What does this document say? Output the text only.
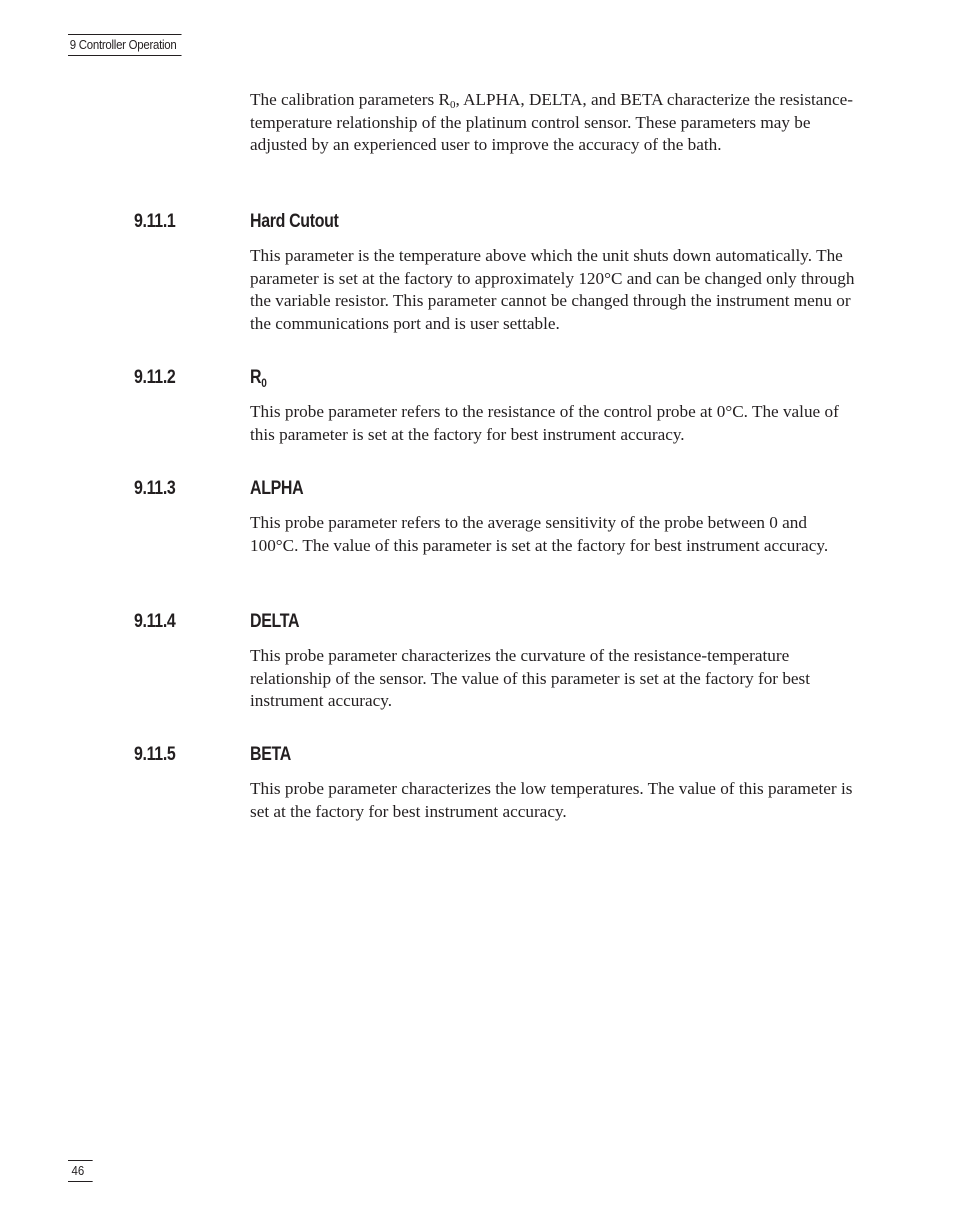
9 Controller Operation

The calibration parameters $R_0$, ALPHA, DELTA, and BETA characterize the resistance-temperature relationship of the platinum control sensor. These parameters may be adjusted by an experienced user to improve the accuracy of the bath.

9.11.1	Hard Cutout

This parameter is the temperature above which the unit shuts down automatically. The parameter is set at the factory to approximately 120°C and can be changed only through the variable resistor. This parameter cannot be changed through the instrument menu or the communications port and is user settable.

9.11.2	$R_0$

This probe parameter refers to the resistance of the control probe at 0°C. The value of this parameter is set at the factory for best instrument accuracy.

9.11.3	ALPHA

This probe parameter refers to the average sensitivity of the probe between 0 and 100°C. The value of this parameter is set at the factory for best instrument accuracy.

9.11.4	DELTA

This probe parameter characterizes the curvature of the resistance-temperature relationship of the sensor. The value of this parameter is set at the factory for best instrument accuracy.

9.11.5	BETA

This probe parameter characterizes the low temperatures. The value of this parameter is set at the factory for best instrument accuracy.

46
